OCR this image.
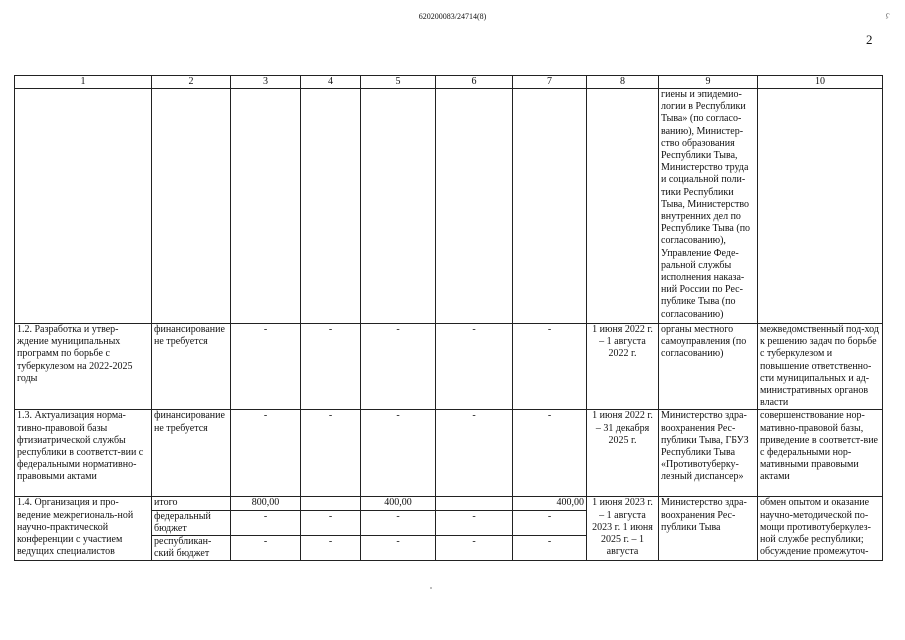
620200083/24714(8)
2
ç
1	2	3	4	5	6	7	8	9	10
								гиены и эпидемио-логии в Республики Тыва» (по согласо-ванию), Министер-ство образования Республики Тыва, Министерство труда и социальной поли-тики Республики Тыва, Министерство внутренних дел по Республике Тыва (по согласованию), Управление Феде-ральной службы исполнения наказа-ний России по Рес-публике Тыва (по согласованию)	
1.2. Разработка и утвер-ждение муниципальных программ по борьбе с туберкулезом на 2022-2025 годы	финансирование не требуется	-	-	-	-	-	1 июня 2022 г. – 1 августа 2022 г.	органы местного самоуправления (по согласованию)	межведомственный под-ход к решению задач по борьбе с туберкулезом и повышение ответственно-сти муниципальных и ад-министративных органов власти
1.3. Актуализация норма-тивно-правовой базы фтизиатрической службы республики в соответст-вии с федеральными нормативно-правовыми актами	финансирование не требуется	-	-	-	-	-	1 июня 2022 г. – 31 декабря 2025 г.	Министерство здра-воохранения Рес-публики Тыва, ГБУЗ Республики Тыва «Противотуберку-лезный диспансер»	совершенствование нор-мативно-правовой базы, приведение в соответст-вие с федеральными нор-мативными правовыми актами

1.4. Организация и про-ведение межрегиональ-ной научно-практической конференции с участием ведущих специалистов	итого	800,00		400,00		400,00	1 июня 2023 г. – 1 августа 2023 г. 1 июня 2025 г. – 1 августа	Министерство здра-воохранения Рес-публики Тыва	обмен опытом и оказание научно-методической по-мощи противотуберкулез-ной службе республики; обсуждение промежуточ-

	федеральный бюджет	-	-	-	-	-			
	республикан-ский бюджет	-	-	-	-	-			
